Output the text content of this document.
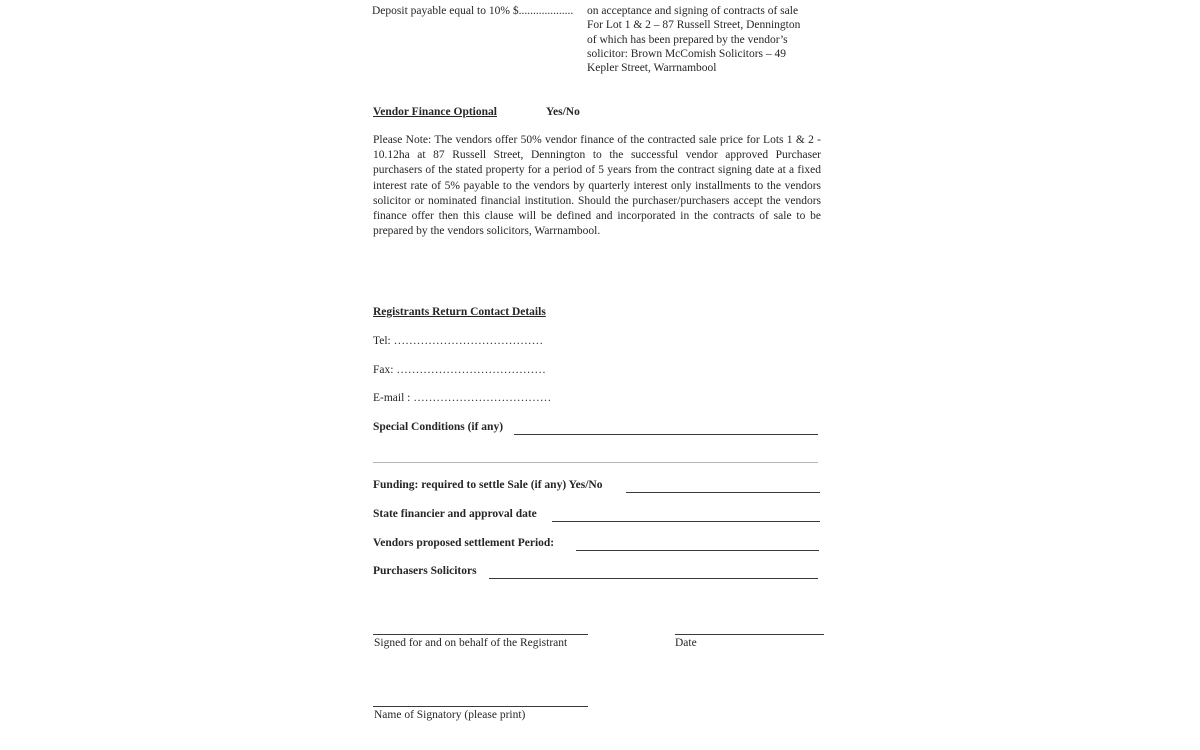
Deposit payable equal to 10% $................... on acceptance and signing of contracts of sale
For Lot 1 & 2 – 87 Russell Street, Dennington
of which has been prepared by the vendor’s
solicitor: Brown McComish Solicitors – 49
Kepler Street, Warrnambool
Vendor Finance Optional	Yes/No
Please Note: The vendors offer 50% vendor finance of the contracted sale price for Lots 1 & 2 - 10.12ha at 87 Russell Street, Dennington to the successful vendor approved Purchaser purchasers of the stated property for a period of 5 years from the contract signing date at a fixed interest rate of 5% payable to the vendors by quarterly interest only installments to the vendors solicitor or nominated financial institution. Should the purchaser/purchasers accept the vendors finance offer then this clause will be defined and incorporated in the contracts of sale to be prepared by the vendors solicitors, Warrnambool.
Registrants Return Contact Details
Tel: …………………………………
Fax: …………………………………
E-mail : ………………………………
Special Conditions (if any)
Funding: required to settle Sale (if any) Yes/No
State financier and approval date
Vendors proposed settlement Period:
Purchasers Solicitors
Signed for and on behalf of the Registrant	Date
Name of Signatory (please print)
